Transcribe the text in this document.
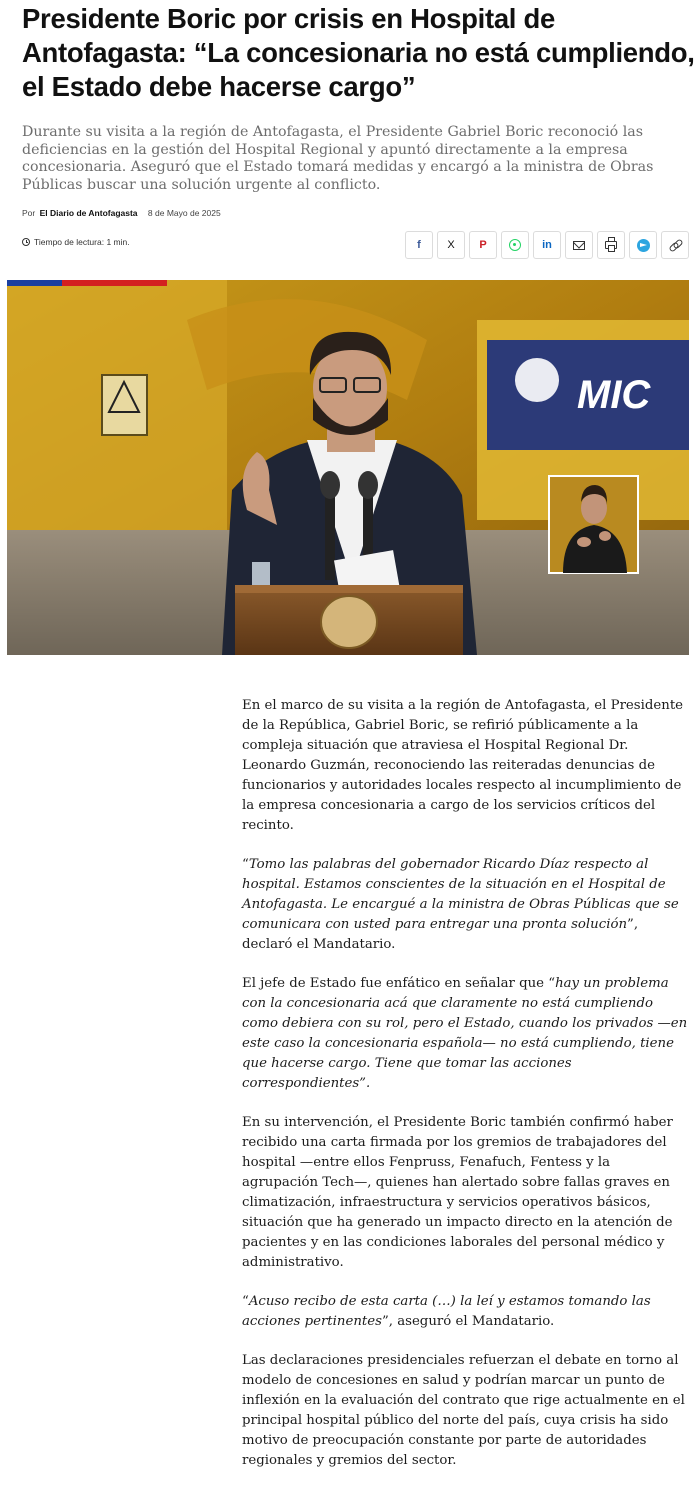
Presidente Boric por crisis en Hospital de
Antofagasta: “La concesionaria no está cumpliendo,
el Estado debe hacerse cargo”

Durante su visita a la región de Antofagasta, el Presidente Gabriel Boric reconoció las deficiencias en la gestión del Hospital Regional y apuntó directamente a la empresa concesionaria. Aseguró que el Estado tomará medidas y encargó a la ministra de Obras Públicas buscar una solución urgente al conflicto.

Por El Diario de Antofagasta 8 de Mayo de 2025
Tiempo de lectura: 1 min.	f X P	in
MIC

En el marco de su visita a la región de Antofagasta, el Presidente de la República, Gabriel Boric, se refirió públicamente a la compleja situación que atraviesa el Hospital Regional Dr. Leonardo Guzmán, reconociendo las reiteradas denuncias de funcionarios y autoridades locales respecto al incumplimiento de la empresa concesionaria a cargo de los servicios críticos del recinto.

“Tomo las palabras del gobernador Ricardo Díaz respecto al hospital. Estamos conscientes de la situación en el Hospital de Antofagasta. Le encargué a la ministra de Obras Públicas que se comunicara con usted para entregar una pronta solución”, declaró el Mandatario.

El jefe de Estado fue enfático en señalar que “hay un problema con la concesionaria acá que claramente no está cumpliendo como debiera con su rol, pero el Estado, cuando los privados —en este caso la concesionaria española— no está cumpliendo, tiene que hacerse cargo. Tiene que tomar las acciones correspondientes”.

En su intervención, el Presidente Boric también confirmó haber recibido una carta firmada por los gremios de trabajadores del hospital —entre ellos Fenpruss, Fenafuch, Fentess y la agrupación Tech—, quienes han alertado sobre fallas graves en climatización, infraestructura y servicios operativos básicos, situación que ha generado un impacto directo en la atención de pacientes y en las condiciones laborales del personal médico y administrativo.

“Acuso recibo de esta carta (…) la leí y estamos tomando las acciones pertinentes”, aseguró el Mandatario.

Las declaraciones presidenciales refuerzan el debate en torno al modelo de concesiones en salud y podrían marcar un punto de inflexión en la evaluación del contrato que rige actualmente en el principal hospital público del norte del país, cuya crisis ha sido motivo de preocupación constante por parte de autoridades regionales y gremios del sector.
